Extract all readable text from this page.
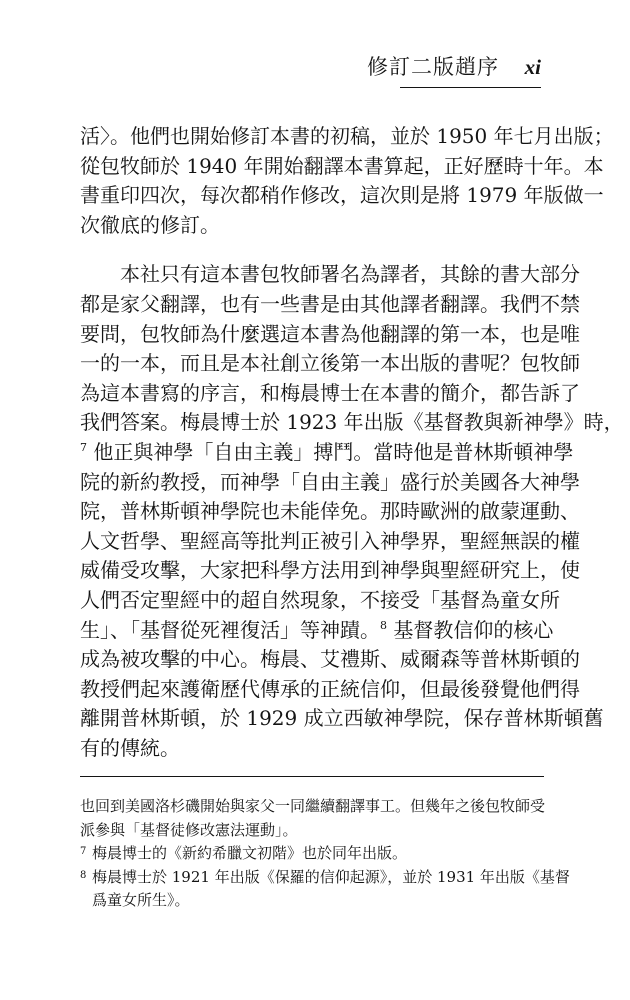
修訂二版趙序 xi

活〉。他們也開始修訂本書的初稿，並於 1950 年七月出版；
從包牧師於 1940 年開始翻譯本書算起，正好歷時十年。本
書重印四次，每次都稍作修改，這次則是將 1979 年版做一
次徹底的修訂。

本社只有這本書包牧師署名為譯者，其餘的書大部分
都是家父翻譯，也有一些書是由其他譯者翻譯。我們不禁
要問，包牧師為什麼選這本書為他翻譯的第一本，也是唯
一的一本，而且是本社創立後第一本出版的書呢？包牧師
為這本書寫的序言，和梅晨博士在本書的簡介，都告訴了
我們答案。梅晨博士於 1923 年出版《基督教與新神學》時，
$^7$ 他正與神學「自由主義」搏鬥。當時他是普林斯頓神學
院的新約教授，而神學「自由主義」盛行於美國各大神學
院，普林斯頓神學院也未能倖免。那時歐洲的啟蒙運動、
人文哲學、聖經高等批判正被引入神學界，聖經無誤的權
威備受攻擊，大家把科學方法用到神學與聖經研究上，使
人們否定聖經中的超自然現象，不接受「基督為童女所
生」、「基督從死裡復活」等神蹟。$^8$ 基督教信仰的核心
成為被攻擊的中心。梅晨、艾禮斯、威爾森等普林斯頓的
教授們起來護衛歷代傳承的正統信仰，但最後發覺他們得
離開普林斯頓，於 1929 成立西敏神學院，保存普林斯頓舊
有的傳統。

也回到美國洛杉磯開始與家父一同繼續翻譯事工。但幾年之後包牧師受
派參與「基督徒修改憲法運動」。
7 梅晨博士的《新約希臘文初階》也於同年出版。
8 梅晨博士於 1921 年出版《保羅的信仰起源》，並於 1931 年出版《基督
爲童女所生》。
